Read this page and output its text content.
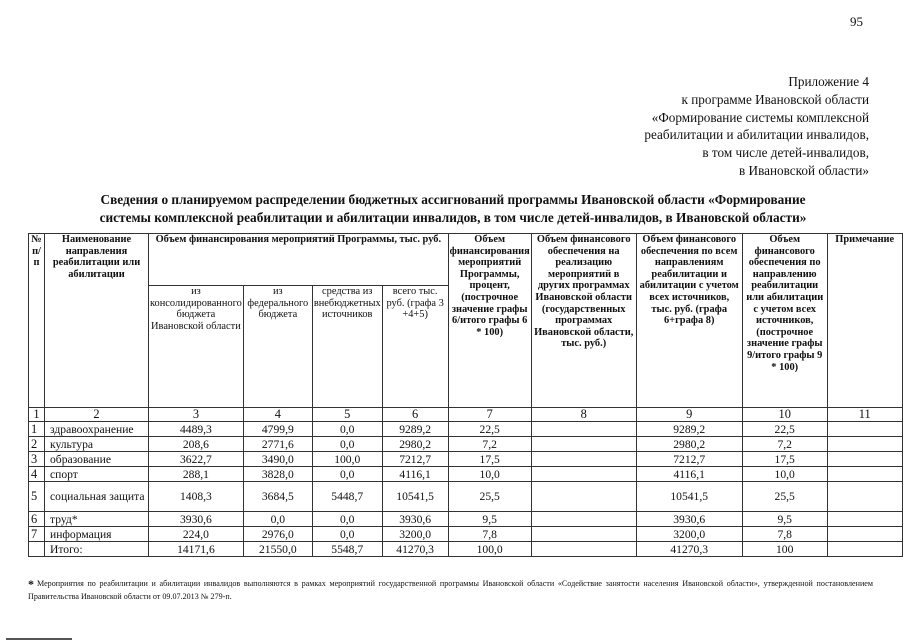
95
Приложение 4
к программе Ивановской области
«Формирование системы комплексной
реабилитации и абилитации инвалидов,
в том числе детей-инвалидов,
в Ивановской области»
Сведения о планируемом распределении бюджетных ассигнований программы Ивановской области «Формирование
системы комплексной реабилитации и абилитации инвалидов, в том числе детей-инвалидов, в Ивановской области»
№ п/п	Наименование направления реабилитации или абилитации	Объем финансирования мероприятий Программы, тыс. руб.				Объем финансирования мероприятий Программы, процент, (построчное значение графы 6/итого графы 6 * 100)	Объем финансового обеспечения на реализацию мероприятий в других программах Ивановской области (государственных программах Ивановской области, тыс. руб.)	Объем финансового обеспечения по всем направлениям реабилитации и абилитации с учетом всех источников, тыс. руб. (графа 6+графа 8)	Объем финансового обеспечения по направлению реабилитации или абилитации с учетом всех источников, (построчное значение графы 9/итого графы 9 * 100)	Примечание
		из консолидированного бюджета Ивановской области	из федерального бюджета	средства из внебюджетных источников	всего тыс. руб. (графа 3 +4+5)					
1	2	3	4	5	6	7	8	9	10	11
1	здравоохранение	4489,3	4799,9	0,0	9289,2	22,5		9289,2	22,5	
2	культура	208,6	2771,6	0,0	2980,2	7,2		2980,2	7,2	
3	образование	3622,7	3490,0	100,0	7212,7	17,5		7212,7	17,5	
4	спорт	288,1	3828,0	0,0	4116,1	10,0		4116,1	10,0	
5	социальная защита	1408,3	3684,5	5448,7	10541,5	25,5		10541,5	25,5	
6	труд*	3930,6	0,0	0,0	3930,6	9,5		3930,6	9,5	
7	информация	224,0	2976,0	0,0	3200,0	7,8		3200,0	7,8	
	Итого:	14171,6	21550,0	5548,7	41270,3	100,0		41270,3	100	
* Мероприятия по реабилитации и абилитации инвалидов выполняются в рамках мероприятий государственной программы Ивановской области «Содействие занятости населения Ивановской области», утвержденной постановлением Правительства Ивановской области от 09.07.2013 № 279-п.
